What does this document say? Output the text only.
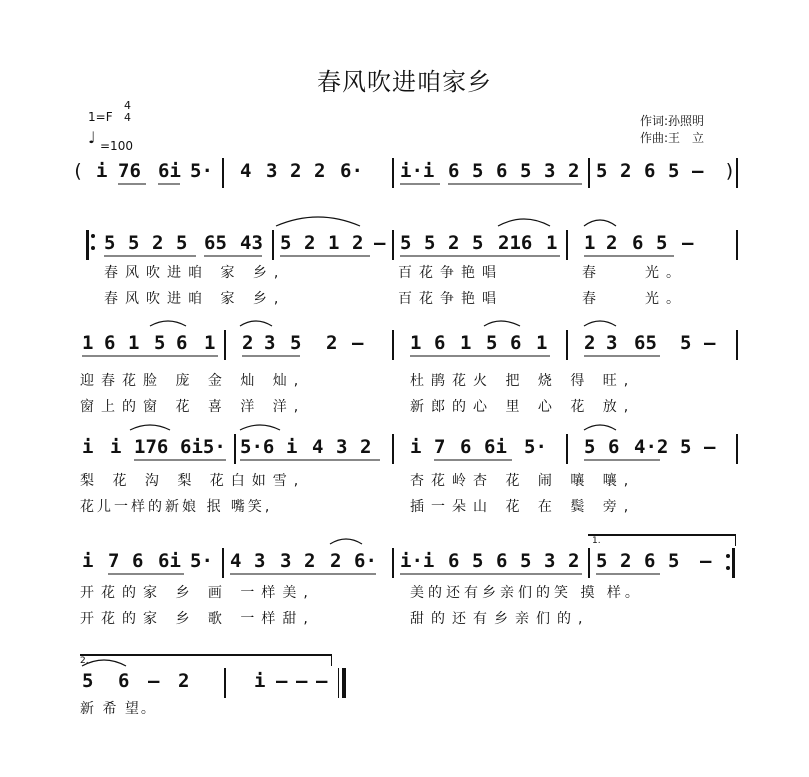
春风吹进咱家乡
1=F
4
4
♩ =100
作词:孙照明
作曲:王　立
( i 76 6i 5· 4 3 2 2 6· i·i 6 5 6 5 3 2 5 2 6 5 – )
5 5 2 5 65 43 5 2 1 2 – 5 5 2 5 216 1 1 2 6 5 –
春风吹进咱 家 乡,	百花争艳唱	春　　光。
春风吹进咱 家 乡,	百花争艳唱	春　　光。
1 6 1 5 6 1 2 3 5 2 – 1 6 1 5 6 1 2 3 65 5 –
迎春花脸 庞 金 灿 灿,	杜鹃花火 把 烧 得 旺,
窗上的窗 花 喜 洋 洋,	新郎的心 里 心 花 放,
i i 176 6i5· 5·6 i 4 3 2 i 7 6 6i 5· 5 6 4·2 5 –
梨 花 沟 梨 花白如雪,	杏花岭杏 花 闹 嚷 嚷,
花儿一样的新娘 抿 嘴笑,	插一朵山 花 在 鬓 旁,
1.
i 7 6 6i 5· 4 3 3 2 2 6· i·i 6 5 6 5 3 2 5 2 6 5 –
开花的家 乡 画 一样美,	美的还有乡亲们的笑 摸 样。
开花的家 乡 歌 一样甜,	甜的还有乡亲们的,
2.
5 6 – 2	i – – –
新 希 望。
